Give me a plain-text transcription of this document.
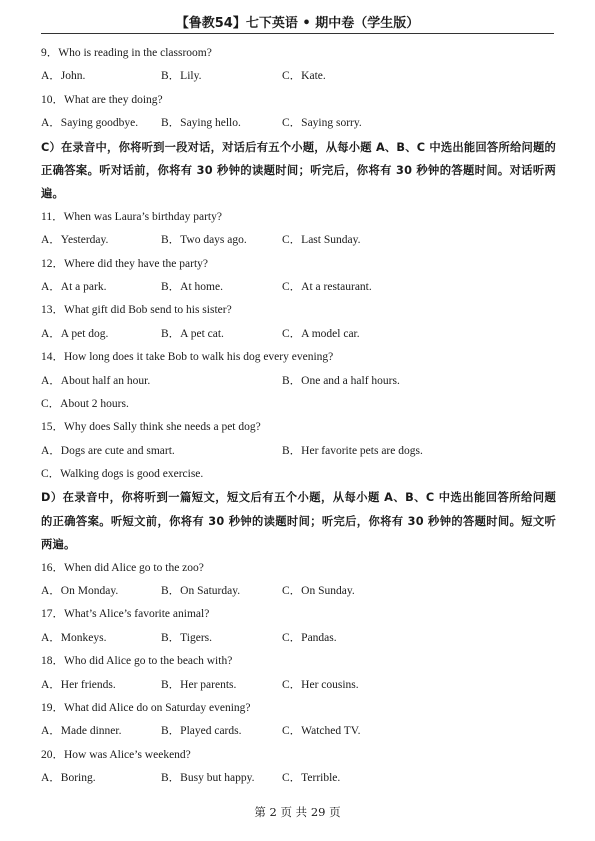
【鲁教54】七下英语 • 期中卷（学生版）
9．Who is reading in the classroom?
A．John.	B．Lily.	C．Kate.
10．What are they doing?
A．Saying goodbye. B．Saying hello.	C．Saying sorry.
C）在录音中，你将听到一段对话，对话后有五个小题，从每小题 A、B、C 中选出能回答所给问题的正确答案。听对话前，你将有 30 秒钟的读题时间；听完后，你将有 30 秒钟的答题时间。对话听两遍。
11．When was Laura’s birthday party?
A．Yesterday.	B．Two days ago.	C．Last Sunday.
12．Where did they have the party?
A．At a park.	B．At home.	C．At a restaurant.
13．What gift did Bob send to his sister?
A．A pet dog.	B．A pet cat.	C．A model car.
14．How long does it take Bob to walk his dog every evening?
A．About half an hour.	B．One and a half hours.
C．About 2 hours.
15．Why does Sally think she needs a pet dog?
A．Dogs are cute and smart.	B．Her favorite pets are dogs.
C．Walking dogs is good exercise.
D）在录音中，你将听到一篇短文，短文后有五个小题，从每小题 A、B、C 中选出能回答所给问题的正确答案。听短文前，你将有 30 秒钟的读题时间；听完后，你将有 30 秒钟的答题时间。短文听两遍。
16．When did Alice go to the zoo?
A．On Monday.	B．On Saturday.	C．On Sunday.
17．What’s Alice’s favorite animal?
A．Monkeys.	B．Tigers.	C．Pandas.
18．Who did Alice go to the beach with?
A．Her friends.	B．Her parents.	C．Her cousins.
19．What did Alice do on Saturday evening?
A．Made dinner.	B．Played cards.	C．Watched TV.
20．How was Alice’s weekend?
A．Boring.	B．Busy but happy. C．Terrible.
第 2 页 共 29 页
